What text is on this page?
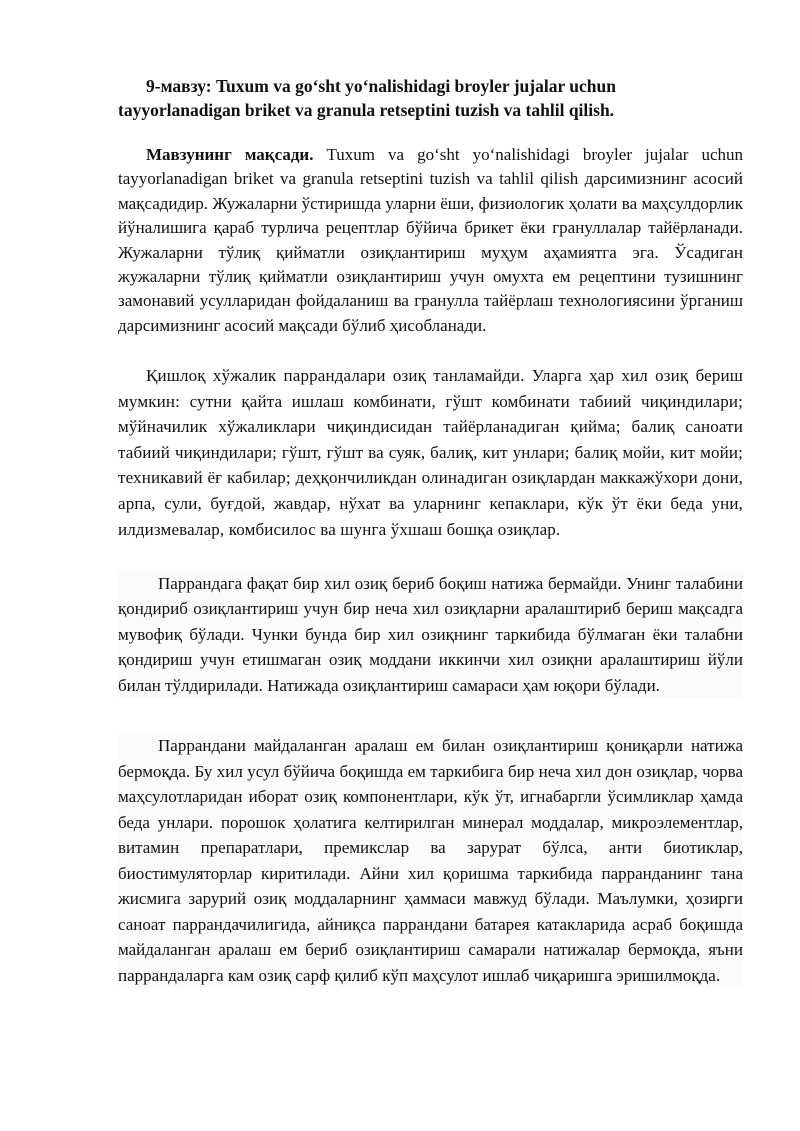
9-мавзу: Tuxum va go‘sht yo‘nalishidagi broyler jujalar uchun tayyorlanadigan briket va granula retseptini tuzish va tahlil qilish.

Мавзунинг мақсади. Tuxum va go‘sht yo‘nalishidagi broyler jujalar uchun tayyorlanadigan briket va granula retseptini tuzish va tahlil qilish дарсимизнинг асосий мақсадидир. Жужаларни ўстиришда уларни ёши, физиологик ҳолати ва маҳсулдорлик йўналишига қараб турлича рецептлар бўйича брикет ёки грануллалар тайёрланади. Жужаларни тўлиқ қийматли озиқлантириш муҳум аҳамиятга эга. Ўсадиган жужаларни тўлиқ қийматли озиқлантириш учун омухта ем рецептини тузишнинг замонавий усулларидан фойдаланиш ва гранулла тайёрлаш технологиясини ўрганиш дарсимизнинг асосий мақсади бўлиб ҳисобланади.

Қишлоқ хўжалик паррандалари озиқ танламайди. Уларга ҳар хил озиқ бериш мумкин: сутни қайта ишлаш комбинати, гўшт комбинати табиий чиқиндилари; мўйначилик хўжаликлари чиқиндисидан тайёрланадиган қийма; балиқ саноати табиий чиқиндилари; гўшт, гўшт ва суяк, балиқ, кит унлари; балиқ мойи, кит мойи; техникавий ёғ кабилар; деҳқончиликдан олинадиган озиқлардан маккажўхори дони, арпа, сули, буғдой, жавдар, нўхат ва уларнинг кепаклари, кўк ўт ёки беда уни, илдизмевалар, комбисилос ва шунга ўхшаш бошқа озиқлар.

Паррандага фақат бир хил озиқ бериб боқиш натижа бермайди. Унинг талабини қондириб озиқлантириш учун бир неча хил озиқларни аралаштириб бериш мақсадга мувофиқ бўлади. Чунки бунда бир хил озиқнинг таркибида бўлмаган ёки талабни қондириш учун етишмаган озиқ моддани иккинчи хил озиқни аралаштириш йўли билан тўлдирилади. Натижада озиқлантириш самараси ҳам юқори бўлади.

Паррандани майдаланган аралаш ем билан озиқлантириш қониқарли натижа бермоқда. Бу хил усул бўйича боқишда ем таркибига бир неча хил дон озиқлар, чорва маҳсулотларидан иборат озиқ компонентлари, кўк ўт, игнабаргли ўсимликлар ҳамда беда унлари. порошок ҳолатига келтирилган минерал моддалар, микроэлементлар, витамин препаратлари, премикслар ва зарурат бўлса, анти биотиклар, биостимуляторлар киритилади. Айни хил қоришма таркибида парранданинг тана жисмига зарурий озиқ моддаларнинг ҳаммаси мавжуд бўлади. Маълумки, ҳозирги саноат паррандачилигида, айниқса паррандани батарея катакларида асраб боқишда майдаланган аралаш ем бериб озиқлантириш самарали натижалар бермоқда, яъни паррандаларга кам озиқ сарф қилиб кўп маҳсулот ишлаб чиқаришга эришилмоқда.
